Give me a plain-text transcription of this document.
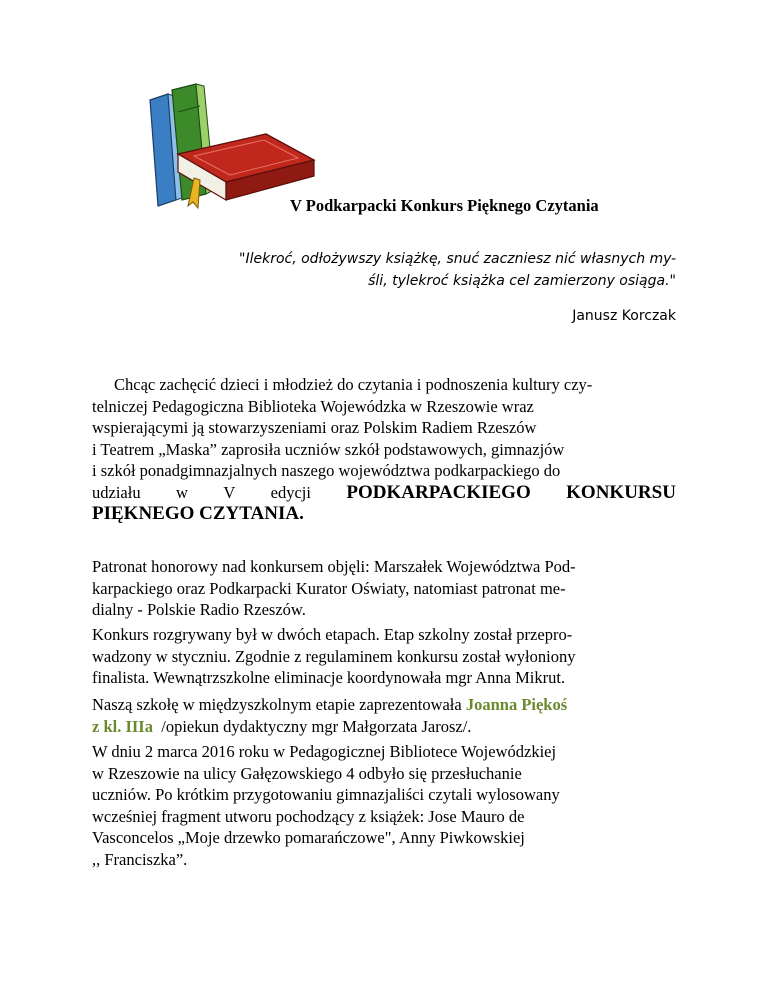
V Podkarpacki Konkurs Pięknego Czytania
"Ilekroć, odłożywszy książkę, snuć zaczniesz nić własnych my-
śli, tylekroć książka cel zamierzony osiąga."
Janusz Korczak
Chcąc zachęcić dzieci i młodzież do czytania i podnoszenia kultury czy-
telniczej Pedagogiczna Biblioteka Wojewódzka w Rzeszowie wraz
wspierającymi ją stowarzyszeniami oraz Polskim Radiem Rzeszów
i Teatrem „Maska” zaprosiła uczniów szkół podstawowych, gimnazjów
i szkół ponadgimnazjalnych naszego województwa podkarpackiego do
udziału w V edycji PODKARPACKIEGO KONKURSU
PIĘKNEGO CZYTANIA.
Patronat honorowy nad konkursem objęli: Marszałek Województwa Pod-
karpackiego oraz Podkarpacki Kurator Oświaty, natomiast patronat me-
dialny - Polskie Radio Rzeszów.
Konkurs rozgrywany był w dwóch etapach. Etap szkolny został przepro-
wadzony w styczniu. Zgodnie z regulaminem konkursu został wyłoniony
finalista. Wewnątrzszkolne eliminacje koordynowała mgr Anna Mikrut.
Naszą szkołę w międzyszkolnym etapie zaprezentowała Joanna Piękoś
z kl. IIIa /opiekun dydaktyczny mgr Małgorzata Jarosz/.
W dniu 2 marca 2016 roku w Pedagogicznej Bibliotece Wojewódzkiej
w Rzeszowie na ulicy Gałęzowskiego 4 odbyło się przesłuchanie
uczniów. Po krótkim przygotowaniu gimnazjaliści czytali wylosowany
wcześniej fragment utworu pochodzący z książek: Jose Mauro de
Vasconcelos „Moje drzewko pomarańczowe", Anny Piwkowskiej
,, Franciszka”.
